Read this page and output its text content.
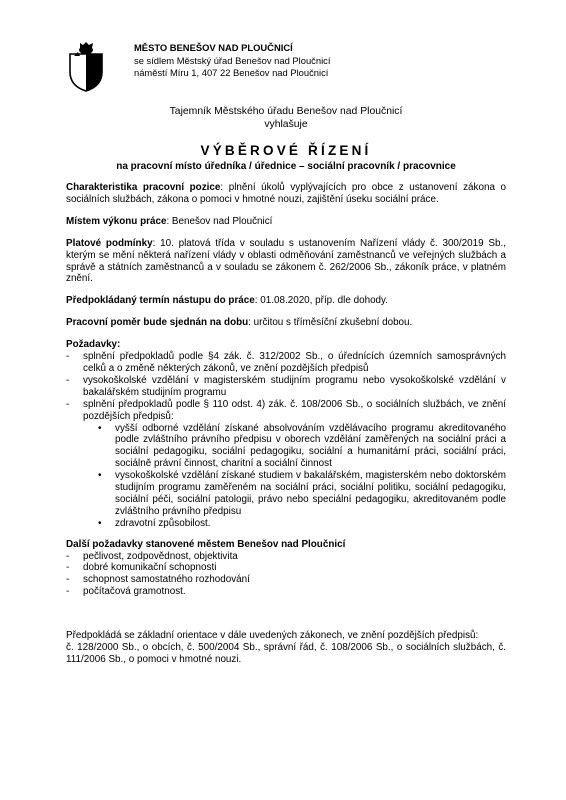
MĚSTO BENEŠOV NAD PLOUČNICÍ
se sídlem Městský úřad Benešov nad Ploučnicí
náměstí Míru 1, 407 22 Benešov nad Ploučnicí
Tajemník Městského úřadu Benešov nad Ploučnicí
vyhlašuje
VÝBĚROVÉ ŘÍZENÍ
na pracovní místo úředníka / úřednice – sociální pracovník / pracovnice

Charakteristika pracovní pozice: plnění úkolů vyplývajících pro obce z ustanovení zákona o sociálních službách, zákona o pomoci v hmotné nouzi, zajištění úseku sociální práce.

Místem výkonu práce: Benešov nad Ploučnicí

Platové podmínky: 10. platová třída v souladu s ustanovením Nařízení vlády č. 300/2019 Sb., kterým se mění některá nařízení vlády v oblasti odměňování zaměstnanců ve veřejných službách a správě a státních zaměstnanců a v souladu se zákonem č. 262/2006 Sb., zákoník práce, v platném znění.

Předpokládaný termín nástupu do práce: 01.08.2020, příp. dle dohody.

Pracovní poměr bude sjednán na dobu: určitou s tříměsíční zkušební dobou.

Požadavky:

- splnění předpokladů podle §4 zák. č. 312/2002 Sb., o úřednících územních samosprávných celků a o změně některých zákonů, ve znění pozdějších předpisů

- vysokoškolské vzdělání v magisterském studijním programu nebo vysokoškolské vzdělání v bakalářském studijním programu

- splnění předpokladů podle § 110 odst. 4) zák. č. 108/2006 Sb., o sociálních službách, ve znění pozdějších předpisů:

• vyšší odborné vzdělání získané absolvováním vzdělávacího programu akreditovaného podle zvláštního právního předpisu v oborech vzdělání zaměřených na sociální práci a sociální pedagogiku, sociální pedagogiku, sociální a humanitární práci, sociální práci, sociálně právní činnost, charitní a sociální činnost

• vysokoškolské vzdělání získané studiem v bakalářském, magisterském nebo doktorském studijním programu zaměřeném na sociální práci, sociální politiku, sociální pedagogiku, sociální péči, sociální patologii, právo nebo speciální pedagogiku, akreditovaném podle zvláštního právního předpisu

• zdravotní způsobilost.

Další požadavky stanovené městem Benešov nad Ploučnicí

- pečlivost, zodpovědnost, objektivita

- dobré komunikační schopnosti

- schopnost samostatného rozhodování

- počítačová gramotnost.

Předpokládá se základní orientace v dále uvedených zákonech, ve znění pozdějších předpisů:

č. 128/2000 Sb., o obcích, č. 500/2004 Sb., správní řád, č. 108/2006 Sb., o sociálních službách, č. 111/2006 Sb., o pomoci v hmotné nouzi.
